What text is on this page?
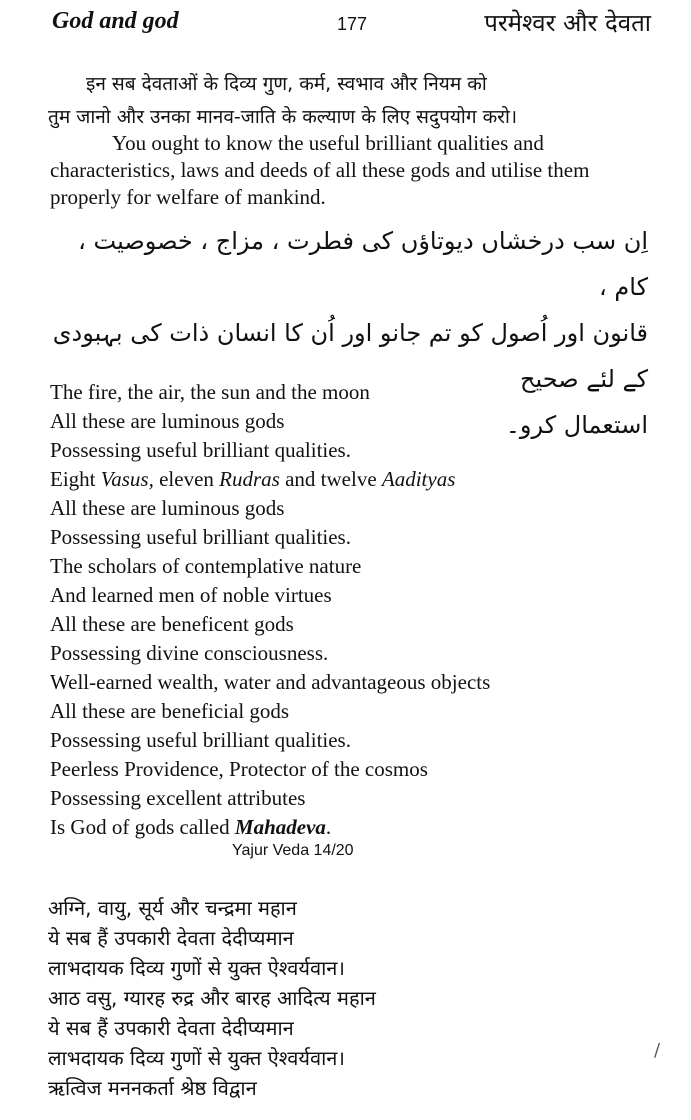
God and god	177	परमेश्वर और देवता
इन सब देवताओं के दिव्य गुण, कर्म, स्वभाव और नियम को
तुम जानो और उनका मानव-जाति के कल्याण के लिए सदुपयोग करो।
You ought to know the useful brilliant qualities and characteristics, laws and deeds of all these gods and utilise them properly for welfare of mankind.
اِن سب درخشاں دیوتاؤں کی فطرت ، مزاج ، خصوصیت ، کام ،
قانون اور اُصول کو تم جانو اور اُن کا انسان ذات کی بہبودی کے لئے صحیح
استعمال کرو۔
The fire, the air, the sun and the moon
All these are luminous gods
Possessing useful brilliant qualities.
Eight Vasus, eleven Rudras and twelve Aadityas
All these are luminous gods
Possessing useful brilliant qualities.
The scholars of contemplative nature
And learned men of noble virtues
All these are beneficent gods
Possessing divine consciousness.
Well-earned wealth, water and advantageous objects
All these are beneficial gods
Possessing useful brilliant qualities.
Peerless Providence, Protector of the cosmos
Possessing excellent attributes
Is God of gods called Mahadeva.
Yajur Veda 14/20
अग्नि, वायु, सूर्य और चन्द्रमा महान
ये सब हैं उपकारी देवता देदीप्यमान
लाभदायक दिव्य गुणों से युक्त ऐश्वर्यवान।
आठ वसु, ग्यारह रुद्र और बारह आदित्य महान
ये सब हैं उपकारी देवता देदीप्यमान
लाभदायक दिव्य गुणों से युक्त ऐश्वर्यवान।
ऋत्विज मननकर्ता श्रेष्ठ विद्वान
/
